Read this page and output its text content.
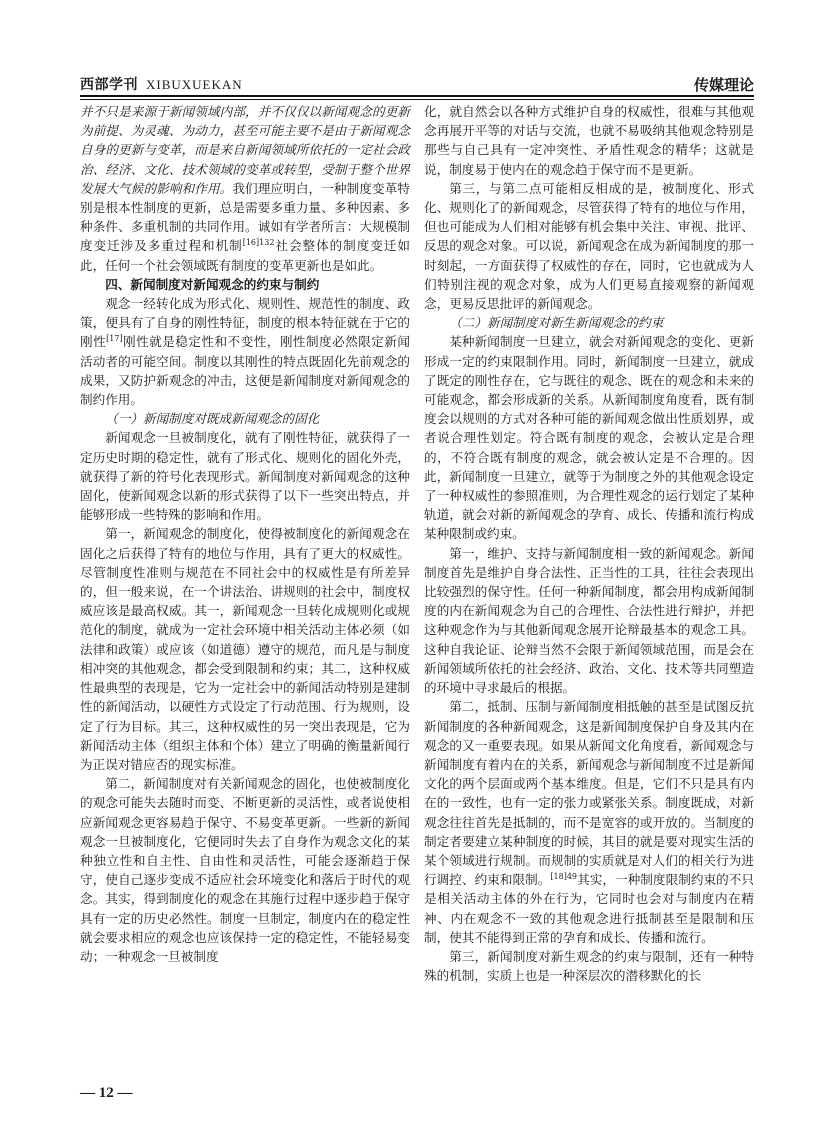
西部学刊 XIBUXUEKAN	传媒理论

并不只是来源于新闻领域内部，并不仅仅以新闻观念的更新为前提、为灵魂、为动力，甚至可能主要不是由于新闻观念自身的更新与变革，而是来自新闻领域所依托的一定社会政治、经济、文化、技术领域的变革或转型，受制于整个世界发展大气候的影响和作用。我们理应明白，一种制度变革特别是根本性制度的更新，总是需要多重力量、多种因素、多种条件、多重机制的共同作用。诚如有学者所言：大规模制度变迁涉及多重过程和机制$^{[16]132}$社会整体的制度变迁如此，任何一个社会领域既有制度的变革更新也是如此。

四、新闻制度对新闻观念的约束与制约

观念一经转化成为形式化、规则性、规范性的制度、政策，便具有了自身的刚性特征，制度的根本特征就在于它的刚性[17]刚性就是稳定性和不变性，刚性制度必然限定新闻活动者的可能空间。制度以其刚性的特点既固化先前观念的成果，又防护新观念的冲击，这便是新闻制度对新闻观念的制约作用。

（一）新闻制度对既成新闻观念的固化

新闻观念一旦被制度化，就有了刚性特征，就获得了一定历史时期的稳定性，就有了形式化、规则化的固化外壳，就获得了新的符号化表现形式。新闻制度对新闻观念的这种固化，使新闻观念以新的形式获得了以下一些突出特点，并能够形成一些特殊的影响和作用。

第一，新闻观念的制度化，使得被制度化的新闻观念在固化之后获得了特有的地位与作用，具有了更大的权威性。尽管制度性准则与规范在不同社会中的权威性是有所差异的，但一般来说，在一个讲法治、讲规则的社会中，制度权威应该是最高权威。其一，新闻观念一旦转化成规则化或规范化的制度，就成为一定社会环境中相关活动主体必须（如法律和政策）或应该（如道德）遵守的规范，而凡是与制度相冲突的其他观念，都会受到限制和约束；其二，这种权威性最典型的表现是，它为一定社会中的新闻活动特别是建制性的新闻活动，以硬性方式设定了行动范围、行为规则，设定了行为目标。其三，这种权威性的另一突出表现是，它为新闻活动主体（组织主体和个体）建立了明确的衡量新闻行为正误对错应否的现实标准。

第二，新闻制度对有关新闻观念的固化，也使被制度化的观念可能失去随时而变、不断更新的灵活性，或者说使相应新闻观念更容易趋于保守、不易变革更新。一些新的新闻观念一旦被制度化，它便同时失去了自身作为观念文化的某种独立性和自主性、自由性和灵活性，可能会逐渐趋于保守，使自己逐步变成不适应社会环境变化和落后于时代的观念。其实，得到制度化的观念在其施行过程中逐步趋于保守具有一定的历史必然性。制度一旦制定，制度内在的稳定性就会要求相应的观念也应该保持一定的稳定性，不能轻易变动；一种观念一旦被制度

化，就自然会以各种方式维护自身的权威性，很难与其他观念再展开平等的对话与交流，也就不易吸纳其他观念特别是那些与自己具有一定冲突性、矛盾性观念的精华；这就是说，制度易于使内在的观念趋于保守而不是更新。

第三，与第二点可能相反相成的是，被制度化、形式化、规则化了的新闻观念，尽管获得了特有的地位与作用，但也可能成为人们相对能够有机会集中关注、审视、批评、反思的观念对象。可以说，新闻观念在成为新闻制度的那一时刻起，一方面获得了权威性的存在，同时，它也就成为人们特别注视的观念对象，成为人们更易直接观察的新闻观念，更易反思批评的新闻观念。

（二）新闻制度对新生新闻观念的约束

某种新闻制度一旦建立，就会对新闻观念的变化、更新形成一定的约束限制作用。同时，新闻制度一旦建立，就成了既定的刚性存在，它与既往的观念、既在的观念和未来的可能观念，都会形成新的关系。从新闻制度角度看，既有制度会以规则的方式对各种可能的新闻观念做出性质划界，或者说合理性划定。符合既有制度的观念，会被认定是合理的，不符合既有制度的观念，就会被认定是不合理的。因此，新闻制度一旦建立，就等于为制度之外的其他观念设定了一种权威性的参照准则，为合理性观念的运行划定了某种轨道，就会对新的新闻观念的孕育、成长、传播和流行构成某种限制或约束。

第一，维护、支持与新闻制度相一致的新闻观念。新闻制度首先是维护自身合法性、正当性的工具，往往会表现出比较强烈的保守性。任何一种新闻制度，都会用构成新闻制度的内在新闻观念为自己的合理性、合法性进行辩护，并把这种观念作为与其他新闻观念展开论辩最基本的观念工具。这种自我论证、论辩当然不会限于新闻领域范围，而是会在新闻领域所依托的社会经济、政治、文化、技术等共同塑造的环境中寻求最后的根据。

第二，抵制、压制与新闻制度相抵触的甚至是试图反抗新闻制度的各种新闻观念，这是新闻制度保护自身及其内在观念的又一重要表现。如果从新闻文化角度看，新闻观念与新闻制度有着内在的关系，新闻观念与新闻制度不过是新闻文化的两个层面或两个基本维度。但是，它们不只是具有内在的一致性，也有一定的张力或紧张关系。制度既成，对新观念往往首先是抵制的，而不是宽容的或开放的。当制度的制定者要建立某种制度的时候，其目的就是要对现实生活的某个领域进行规制。而规制的实质就是对人们的相关行为进行调控、约束和限制。$^{[18]49}$其实，一种制度限制约束的不只是相关活动主体的外在行为，它同时也会对与制度内在精神、内在观念不一致的其他观念进行抵制甚至是限制和压制，使其不能得到正常的孕育和成长、传播和流行。

第三，新闻制度对新生观念的约束与限制，还有一种特殊的机制，实质上也是一种深层次的潜移默化的长

— 12 —
